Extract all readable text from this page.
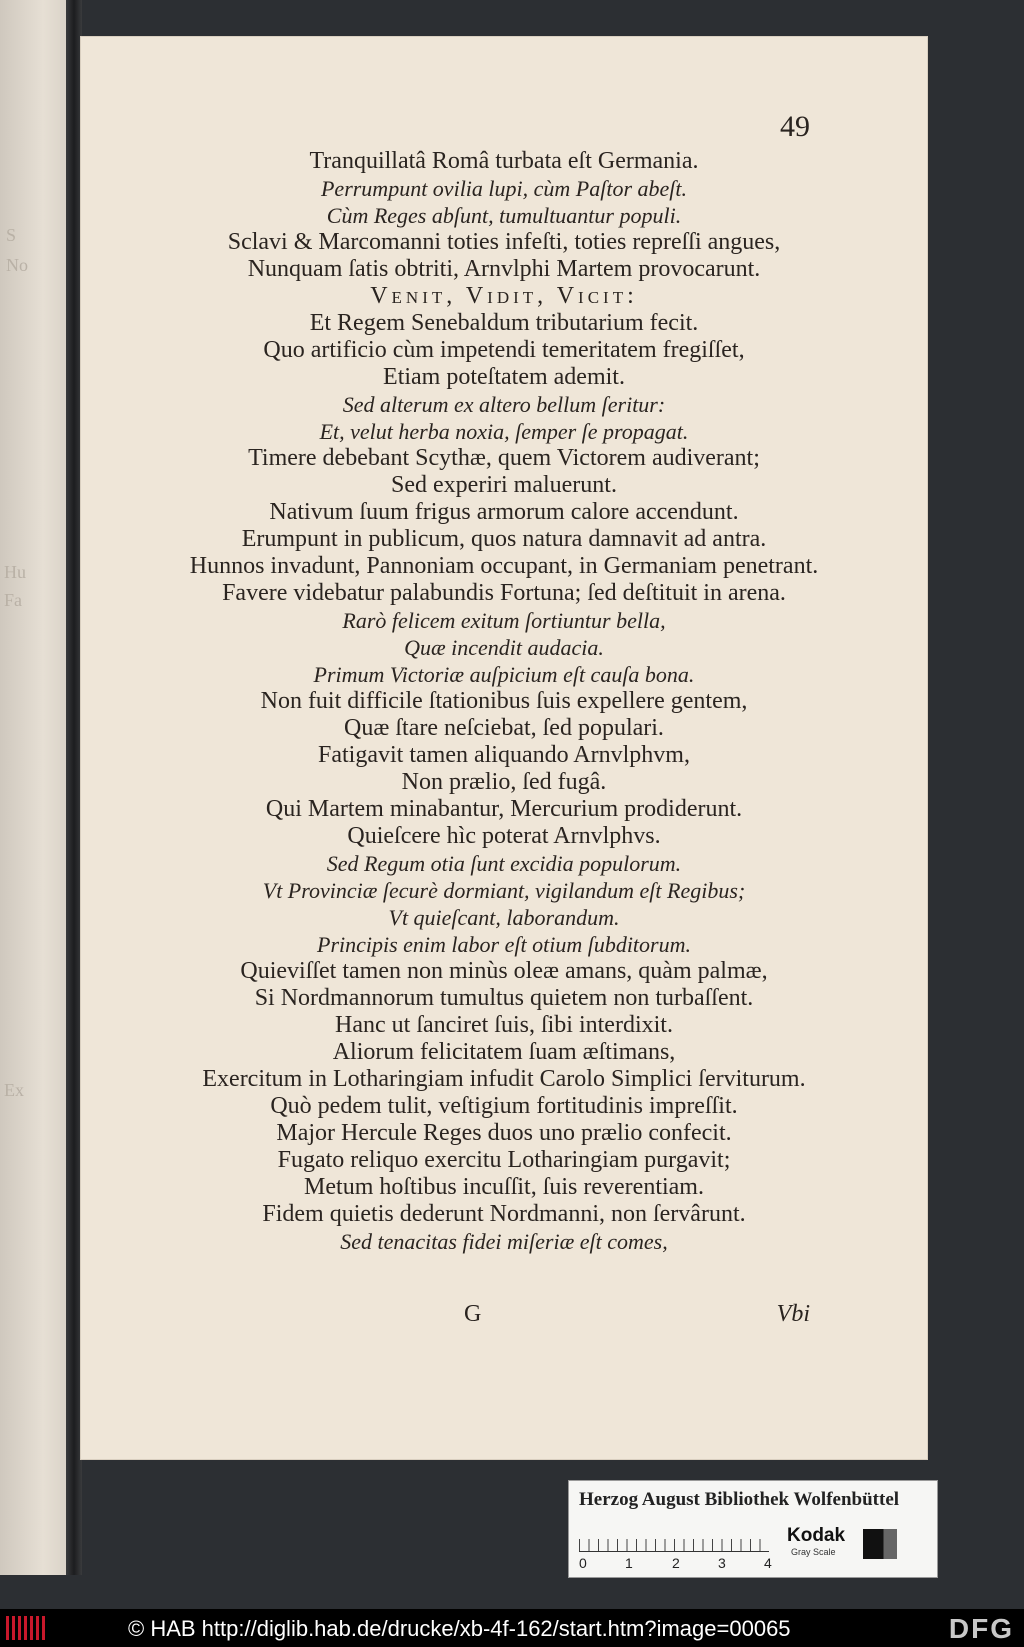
S
No
Hu
Fa
Ex
49
Tranquillatâ Româ turbata eſt Germania.
Perrumpunt ovilia lupi, cùm Paſtor abeſt.
Cùm Reges abſunt, tumultuantur populi.
Sclavi & Marcomanni toties infeſti, toties repreſſi angues,
Nunquam ſatis obtriti, Arnvlphi Martem provocarunt.
Venit, Vidit, Vicit:
Et Regem Senebaldum tributarium fecit.
Quo artificio cùm impetendi temeritatem fregiſſet,
Etiam poteſtatem ademit.
Sed alterum ex altero bellum ſeritur:
Et, velut herba noxia, ſemper ſe propagat.
Timere debebant Scythæ, quem Victorem audiverant;
Sed experiri maluerunt.
Nativum ſuum frigus armorum calore accendunt.
Erumpunt in publicum, quos natura damnavit ad antra.
Hunnos invadunt, Pannoniam occupant, in Germaniam penetrant.
Favere videbatur palabundis Fortuna; ſed deſtituit in arena.
Rarò felicem exitum ſortiuntur bella,
Quæ incendit audacia.
Primum Victoriæ auſpicium eſt cauſa bona.
Non fuit difficile ſtationibus ſuis expellere gentem,
Quæ ſtare neſciebat, ſed populari.
Fatigavit tamen aliquando Arnvlphvm,
Non prælio, ſed fugâ.
Qui Martem minabantur, Mercurium prodiderunt.
Quieſcere hìc poterat Arnvlphvs.
Sed Regum otia ſunt excidia populorum.
Vt Provinciæ ſecurè dormiant, vigilandum eſt Regibus;
Vt quieſcant, laborandum.
Principis enim labor eſt otium ſubditorum.
Quieviſſet tamen non minùs oleæ amans, quàm palmæ,
Si Nordmannorum tumultus quietem non turbaſſent.
Hanc ut ſanciret ſuis, ſibi interdixit.
Aliorum felicitatem ſuam æſtimans,
Exercitum in Lotharingiam infudit Carolo Simplici ſerviturum.
Quò pedem tulit, veſtigium fortitudinis impreſſit.
Major Hercule Reges duos uno prælio confecit.
Fugato reliquo exercitu Lotharingiam purgavit;
Metum hoſtibus incuſſit, ſuis reverentiam.
Fidem quietis dederunt Nordmanni, non ſervârunt.
Sed tenacitas fidei miſeriæ eſt comes,
G	Vbi
Herzog August Bibliothek Wolfenbüttel
0	1	2	3	4
Kodak
Gray Scale
© HAB http://diglib.hab.de/drucke/xb-4f-162/start.htm?image=00065	DFG
